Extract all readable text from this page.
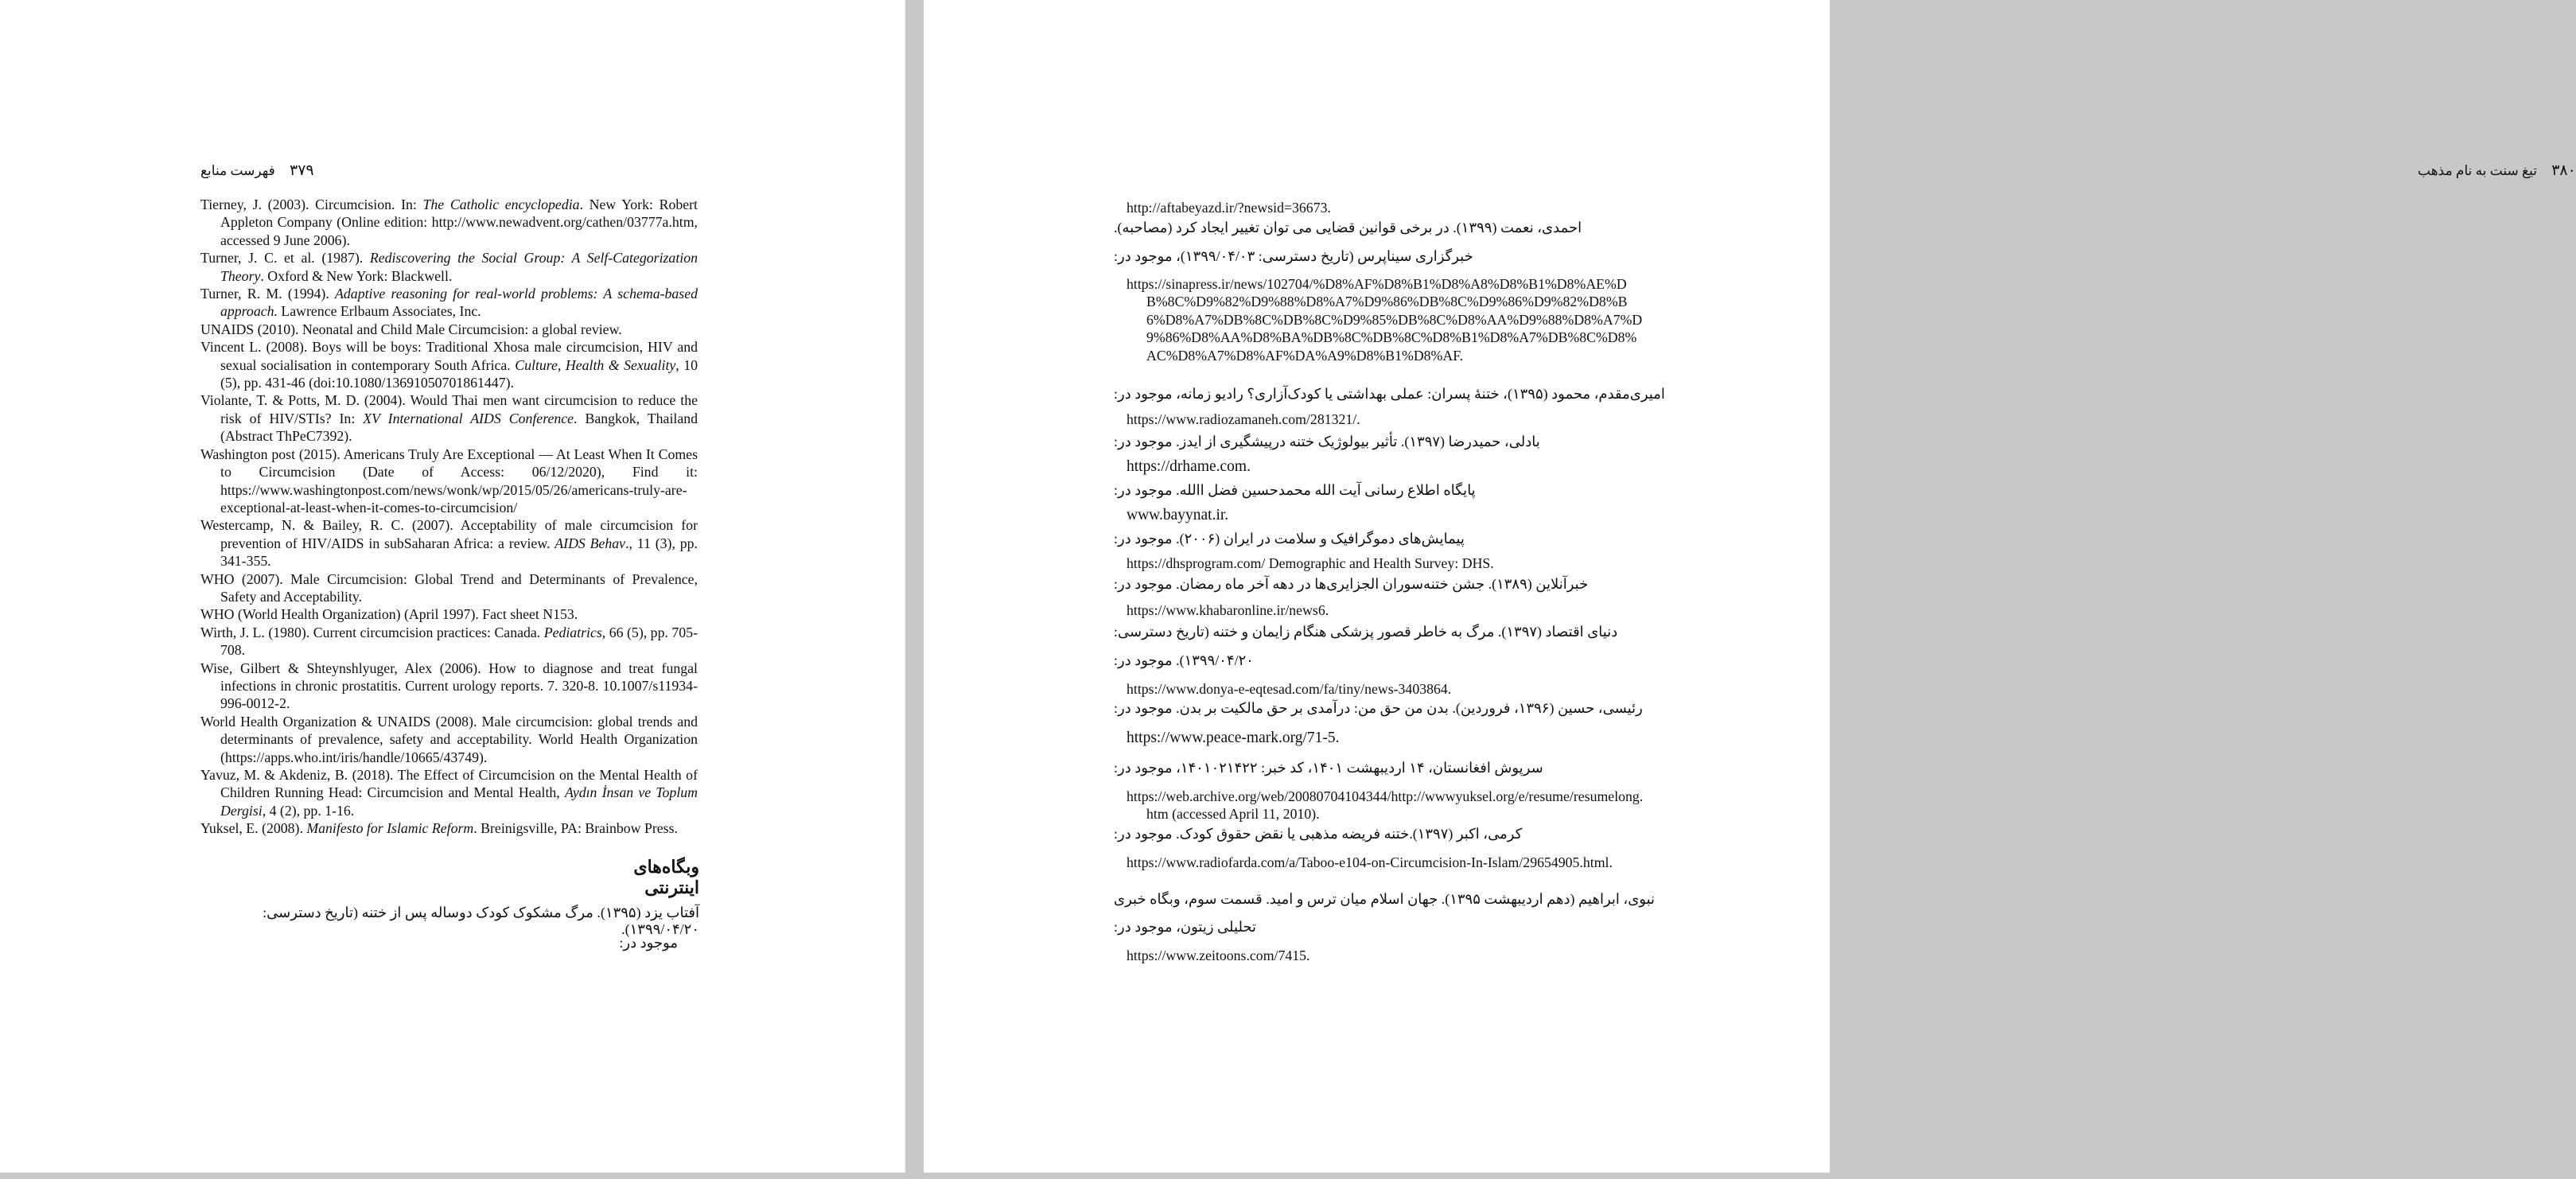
۳۷۹ فهرست منابع

Tierney, J. (2003). Circumcision. In: The Catholic encyclopedia. New York: Robert Appleton Company (Online edition: http://www.newadvent.org/cathen/03777a.htm, accessed 9 June 2006).

Turner, J. C. et al. (1987). Rediscovering the Social Group: A Self-Categorization Theory. Oxford & New York: Blackwell.

Turner, R. M. (1994). Adaptive reasoning for real-world problems: A schema-based approach. Lawrence Erlbaum Associates, Inc.

UNAIDS (2010). Neonatal and Child Male Circumcision: a global review.

Vincent L. (2008). Boys will be boys: Traditional Xhosa male circumcision, HIV and sexual socialisation in contemporary South Africa. Culture, Health & Sexuality, 10 (5), pp. 431-46 (doi:10.1080/13691050701861447).

Violante, T. & Potts, M. D. (2004). Would Thai men want circumcision to reduce the risk of HIV/STIs? In: XV International AIDS Conference. Bangkok, Thailand (Abstract ThPeC7392).

Washington post (2015). Americans Truly Are Exceptional — At Least When It Comes to Circumcision (Date of Access: 06/12/2020), Find it: https://www.washingtonpost.com/news/wonk/wp/2015/05/26/americans-truly-are-exceptional-at-least-when-it-comes-to-circumcision/

Westercamp, N. & Bailey, R. C. (2007). Acceptability of male circumcision for prevention of HIV/AIDS in subSaharan Africa: a review. AIDS Behav., 11 (3), pp. 341-355.

WHO (2007). Male Circumcision: Global Trend and Determinants of Prevalence, Safety and Acceptability.

WHO (World Health Organization) (April 1997). Fact sheet N153.

Wirth, J. L. (1980). Current circumcision practices: Canada. Pediatrics, 66 (5), pp. 705-708.

Wise, Gilbert & Shteynshlyuger, Alex (2006). How to diagnose and treat fungal infections in chronic prostatitis. Current urology reports. 7. 320-8. 10.1007/s11934-996-0012-2.

World Health Organization & UNAIDS (2008). Male circumcision: global trends and determinants of prevalence, safety and acceptability. World Health Organization (https://apps.who.int/iris/handle/10665/43749).

Yavuz, M. & Akdeniz, B. (2018). The Effect of Circumcision on the Mental Health of Children Running Head: Circumcision and Mental Health, Aydın İnsan ve Toplum Dergisi, 4 (2), pp. 1-16.

Yuksel, E. (2008). Manifesto for Islamic Reform. Breinigsville, PA: Brainbow Press.

وبگاه‌های اینترنتی
آفتاب یزد (۱۳۹۵). مرگ مشکوک کودک دوساله پس از ختنه (تاریخ دسترسی: ۱۳۹۹/۰۴/۲۰).
موجود در:
۳۸۰ تیغ سنت به نام مذهب
http://aftabeyazd.ir/?newsid=36673.
احمدی، نعمت (۱۳۹۹). در برخی قوانین قضایی می توان تغییر ایجاد کرد (مصاحبه).
خبرگزاری سیناپرس (تاریخ دسترسی: ۱۳۹۹/۰۴/۰۳)، موجود در:
https://sinapress.ir/news/102704/%D8%AF%D8%B1%D8%A8%D8%B1%D8%AE%DB%8C%D9%82%D9%88%D8%A7%D9%86%DB%8C%D9%86%D9%82%D8%B6%D8%A7%DB%8C%DB%8C%D9%85%DB%8C%D8%AA%D9%88%D8%A7%D9%86%D8%AA%D8%BA%DB%8C%DB%8C%D8%B1%D8%A7%DB%8C%D8%AC%D8%A7%D8%AF%DA%A9%D8%B1%D8%AF.
امیری‌مقدم، محمود (۱۳۹۵)، ختنهٔ پسران: عملی بهداشتی یا کودک‌آزاری؟ رادیو زمانه، موجود در:
https://www.radiozamaneh.com/281321/.
بادلی، حمیدرضا (۱۳۹۷). تأثیر بیولوژیک ختنه درپیشگیری از ایدز. موجود در:
https://drhame.com.
پایگاه اطلاع رسانی آیت الله محمدحسین فضل االله. موجود در:
www.bayynat.ir.
پیمایش‌های دموگرافیک و سلامت در ایران (۲۰۰۶). موجود در:
https://dhsprogram.com/ Demographic and Health Survey: DHS.
خبرآنلاین (۱۳۸۹). جشن ختنه‌سوران الجزایری‌ها در دهه آخر ماه رمضان. موجود در:
https://www.khabaronline.ir/news6.
دنیای اقتصاد (۱۳۹۷). مرگ به خاطر قصور پزشکی هنگام زایمان و ختنه (تاریخ دسترسی:
۱۳۹۹/۰۴/۲۰). موجود در:
https://www.donya-e-eqtesad.com/fa/tiny/news-3403864.
رئیسی، حسین (۱۳۹۶، فروردین). بدن من حق من: درآمدی بر حق مالکیت بر بدن. موجود در:
https://www.peace-mark.org/71-5.
سرپوش افغانستان، ۱۴ اردیبهشت ۱۴۰۱، کد خبر: ۱۴۰۱۰۲۱۴۲۲، موجود در:
https://web.archive.org/web/20080704104344/http://wwwyuksel.org/e/resume/resumelong.htm (accessed April 11, 2010).
کرمی، اکبر (۱۳۹۷).ختنه فریضه مذهبی یا نقض حقوق کودک. موجود در:
https://www.radiofarda.com/a/Taboo-e104-on-Circumcision-In-Islam/29654905.html.
نبوی، ابراهیم (دهم اردیبهشت ۱۳۹۵). جهان اسلام میان ترس و امید. قسمت سوم، وبگاه خبری
تحلیلی زیتون، موجود در:
https://www.zeitoons.com/7415.
